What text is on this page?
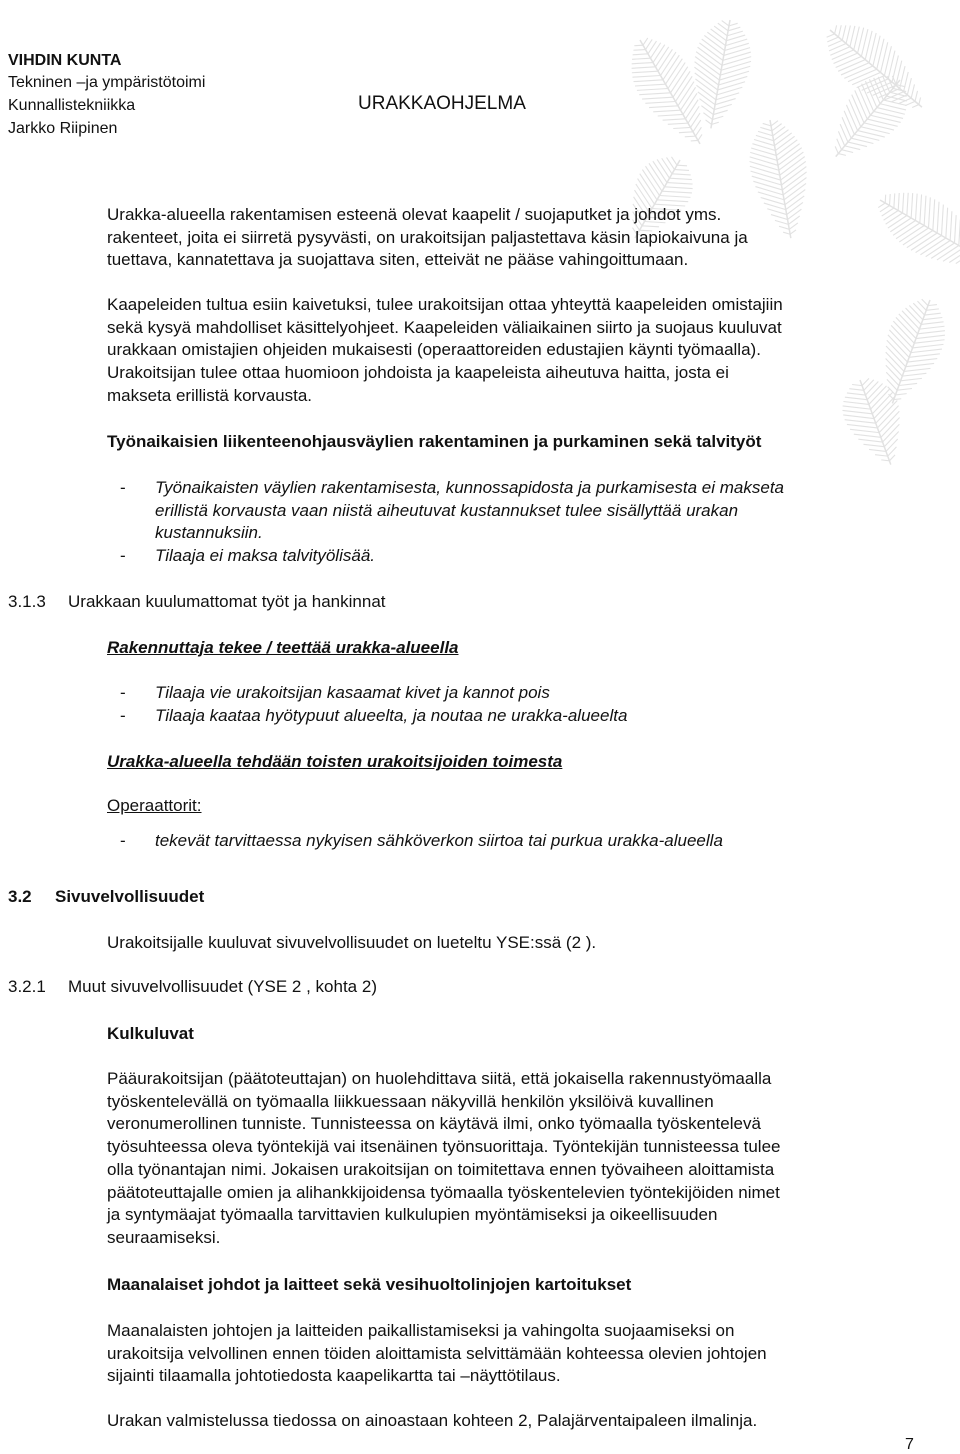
VIHDIN KUNTA
Tekninen –ja ympäristötoimi
Kunnallistekniikka
Jarkko Riipinen
URAKKAOHJELMA
Urakka-alueella rakentamisen esteenä olevat kaapelit / suojaputket ja johdot yms.
rakenteet, joita ei siirretä pysyvästi, on urakoitsijan paljastettava käsin lapiokaivuna ja
tuettava, kannatettava ja suojattava siten, etteivät ne pääse vahingoittumaan.
Kaapeleiden tultua esiin kaivetuksi, tulee urakoitsijan ottaa yhteyttä kaapeleiden omistajiin
sekä kysyä mahdolliset käsittelyohjeet. Kaapeleiden väliaikainen siirto ja suojaus kuuluvat
urakkaan omistajien ohjeiden mukaisesti (operaattoreiden edustajien käynti työmaalla).
Urakoitsijan tulee ottaa huomioon johdoista ja kaapeleista aiheutuva haitta, josta ei
makseta erillistä korvausta.
Työnaikaisien liikenteenohjausväylien rakentaminen ja purkaminen sekä talvityöt
- Työnaikaisten väylien rakentamisesta, kunnossapidosta ja purkamisesta ei makseta
erillistä korvausta vaan niistä aiheutuvat kustannukset tulee sisällyttää urakan
kustannuksiin.
- Tilaaja ei maksa talvityölisää.
3.1.3 Urakkaan kuulumattomat työt ja hankinnat
Rakennuttaja tekee / teettää urakka-alueella
- Tilaaja vie urakoitsijan kasaamat kivet ja kannot pois
- Tilaaja kaataa hyötypuut alueelta, ja noutaa ne urakka-alueelta
Urakka-alueella tehdään toisten urakoitsijoiden toimesta
Operaattorit:
- tekevät tarvittaessa nykyisen sähköverkon siirtoa tai purkua urakka-alueella
3.2 Sivuvelvollisuudet
Urakoitsijalle kuuluvat sivuvelvollisuudet on lueteltu YSE:ssä (2 ).
3.2.1 Muut sivuvelvollisuudet (YSE 2 , kohta 2)
Kulkuluvat
Pääurakoitsijan (päätoteuttajan) on huolehdittava siitä, että jokaisella rakennustyömaalla
työskentelevällä on työmaalla liikkuessaan näkyvillä henkilön yksilöivä kuvallinen
veronumerollinen tunniste. Tunnisteessa on käytävä ilmi, onko työmaalla työskentelevä
työsuhteessa oleva työntekijä vai itsenäinen työnsuorittaja. Työntekijän tunnisteessa tulee
olla työnantajan nimi. Jokaisen urakoitsijan on toimitettava ennen työvaiheen aloittamista
päätoteuttajalle omien ja alihankkijoidensa työmaalla työskentelevien työntekijöiden nimet
ja syntymäajat työmaalla tarvittavien kulkulupien myöntämiseksi ja oikeellisuuden
seuraamiseksi.
Maanalaiset johdot ja laitteet sekä vesihuoltolinjojen kartoitukset
Maanalaisten johtojen ja laitteiden paikallistamiseksi ja vahingolta suojaamiseksi on
urakoitsija velvollinen ennen töiden aloittamista selvittämään kohteessa olevien johtojen
sijainti tilaamalla johtotiedosta kaapelikartta tai –näyttötilaus.
Urakan valmistelussa tiedossa on ainoastaan kohteen 2, Palajärventaipaleen ilmalinja.
7
